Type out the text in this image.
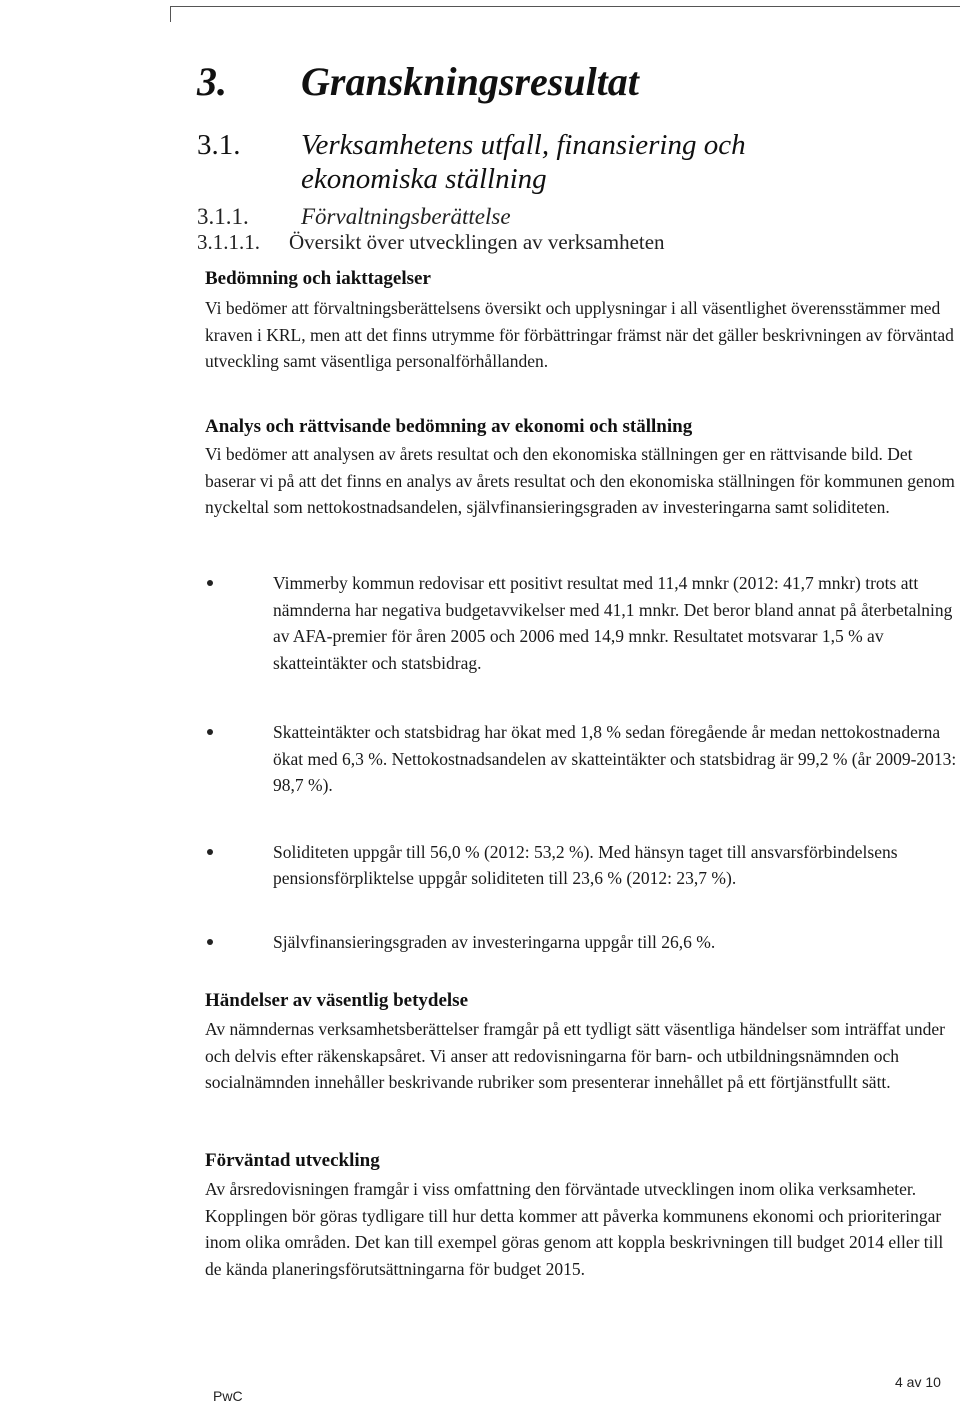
3. Granskningsresultat
3.1. Verksamhetens utfall, finansiering och ekonomiska ställning
3.1.1. Förvaltningsberättelse
3.1.1.1. Översikt över utvecklingen av verksamheten
Bedömning och iakttagelser

Vi bedömer att förvaltningsberättelsens översikt och upplysningar i all väsentlighet överensstämmer med kraven i KRL, men att det finns utrymme för förbättringar främst när det gäller beskrivningen av förväntad utveckling samt väsentliga personalförhållanden.

Analys och rättvisande bedömning av ekonomi och ställning

Vi bedömer att analysen av årets resultat och den ekonomiska ställningen ger en rättvisande bild. Det baserar vi på att det finns en analys av årets resultat och den ekonomiska ställningen för kommunen genom nyckeltal som nettokostnadsandelen, självfinansieringsgraden av investeringarna samt soliditeten.

Vimmerby kommun redovisar ett positivt resultat med 11,4 mnkr (2012: 41,7 mnkr) trots att nämnderna har negativa budgetavvikelser med 41,1 mnkr. Det beror bland annat på återbetalning av AFA-premier för åren 2005 och 2006 med 14,9 mnkr. Resultatet motsvarar 1,5 % av skatteintäkter och statsbidrag.
Skatteintäkter och statsbidrag har ökat med 1,8 % sedan föregående år medan nettokostnaderna ökat med 6,3 %. Nettokostnadsandelen av skatteintäkter och statsbidrag är 99,2 % (år 2009-2013: 98,7 %).
Soliditeten uppgår till 56,0 % (2012: 53,2 %). Med hänsyn taget till ansvarsförbindelsens pensionsförpliktelse uppgår soliditeten till 23,6 % (2012: 23,7 %).
Självfinansieringsgraden av investeringarna uppgår till 26,6 %.
Händelser av väsentlig betydelse

Av nämndernas verksamhetsberättelser framgår på ett tydligt sätt väsentliga händelser som inträffat under och delvis efter räkenskapsåret. Vi anser att redovisningarna för barn- och utbildningsnämnden och socialnämnden innehåller beskrivande rubriker som presenterar innehållet på ett förtjänstfullt sätt.

Förväntad utveckling

Av årsredovisningen framgår i viss omfattning den förväntade utvecklingen inom olika verksamheter. Kopplingen bör göras tydligare till hur detta kommer att påverka kommunens ekonomi och prioriteringar inom olika områden. Det kan till exempel göras genom att koppla beskrivningen till budget 2014 eller till de kända planeringsförutsättningarna för budget 2015.

PwC
4 av 10
